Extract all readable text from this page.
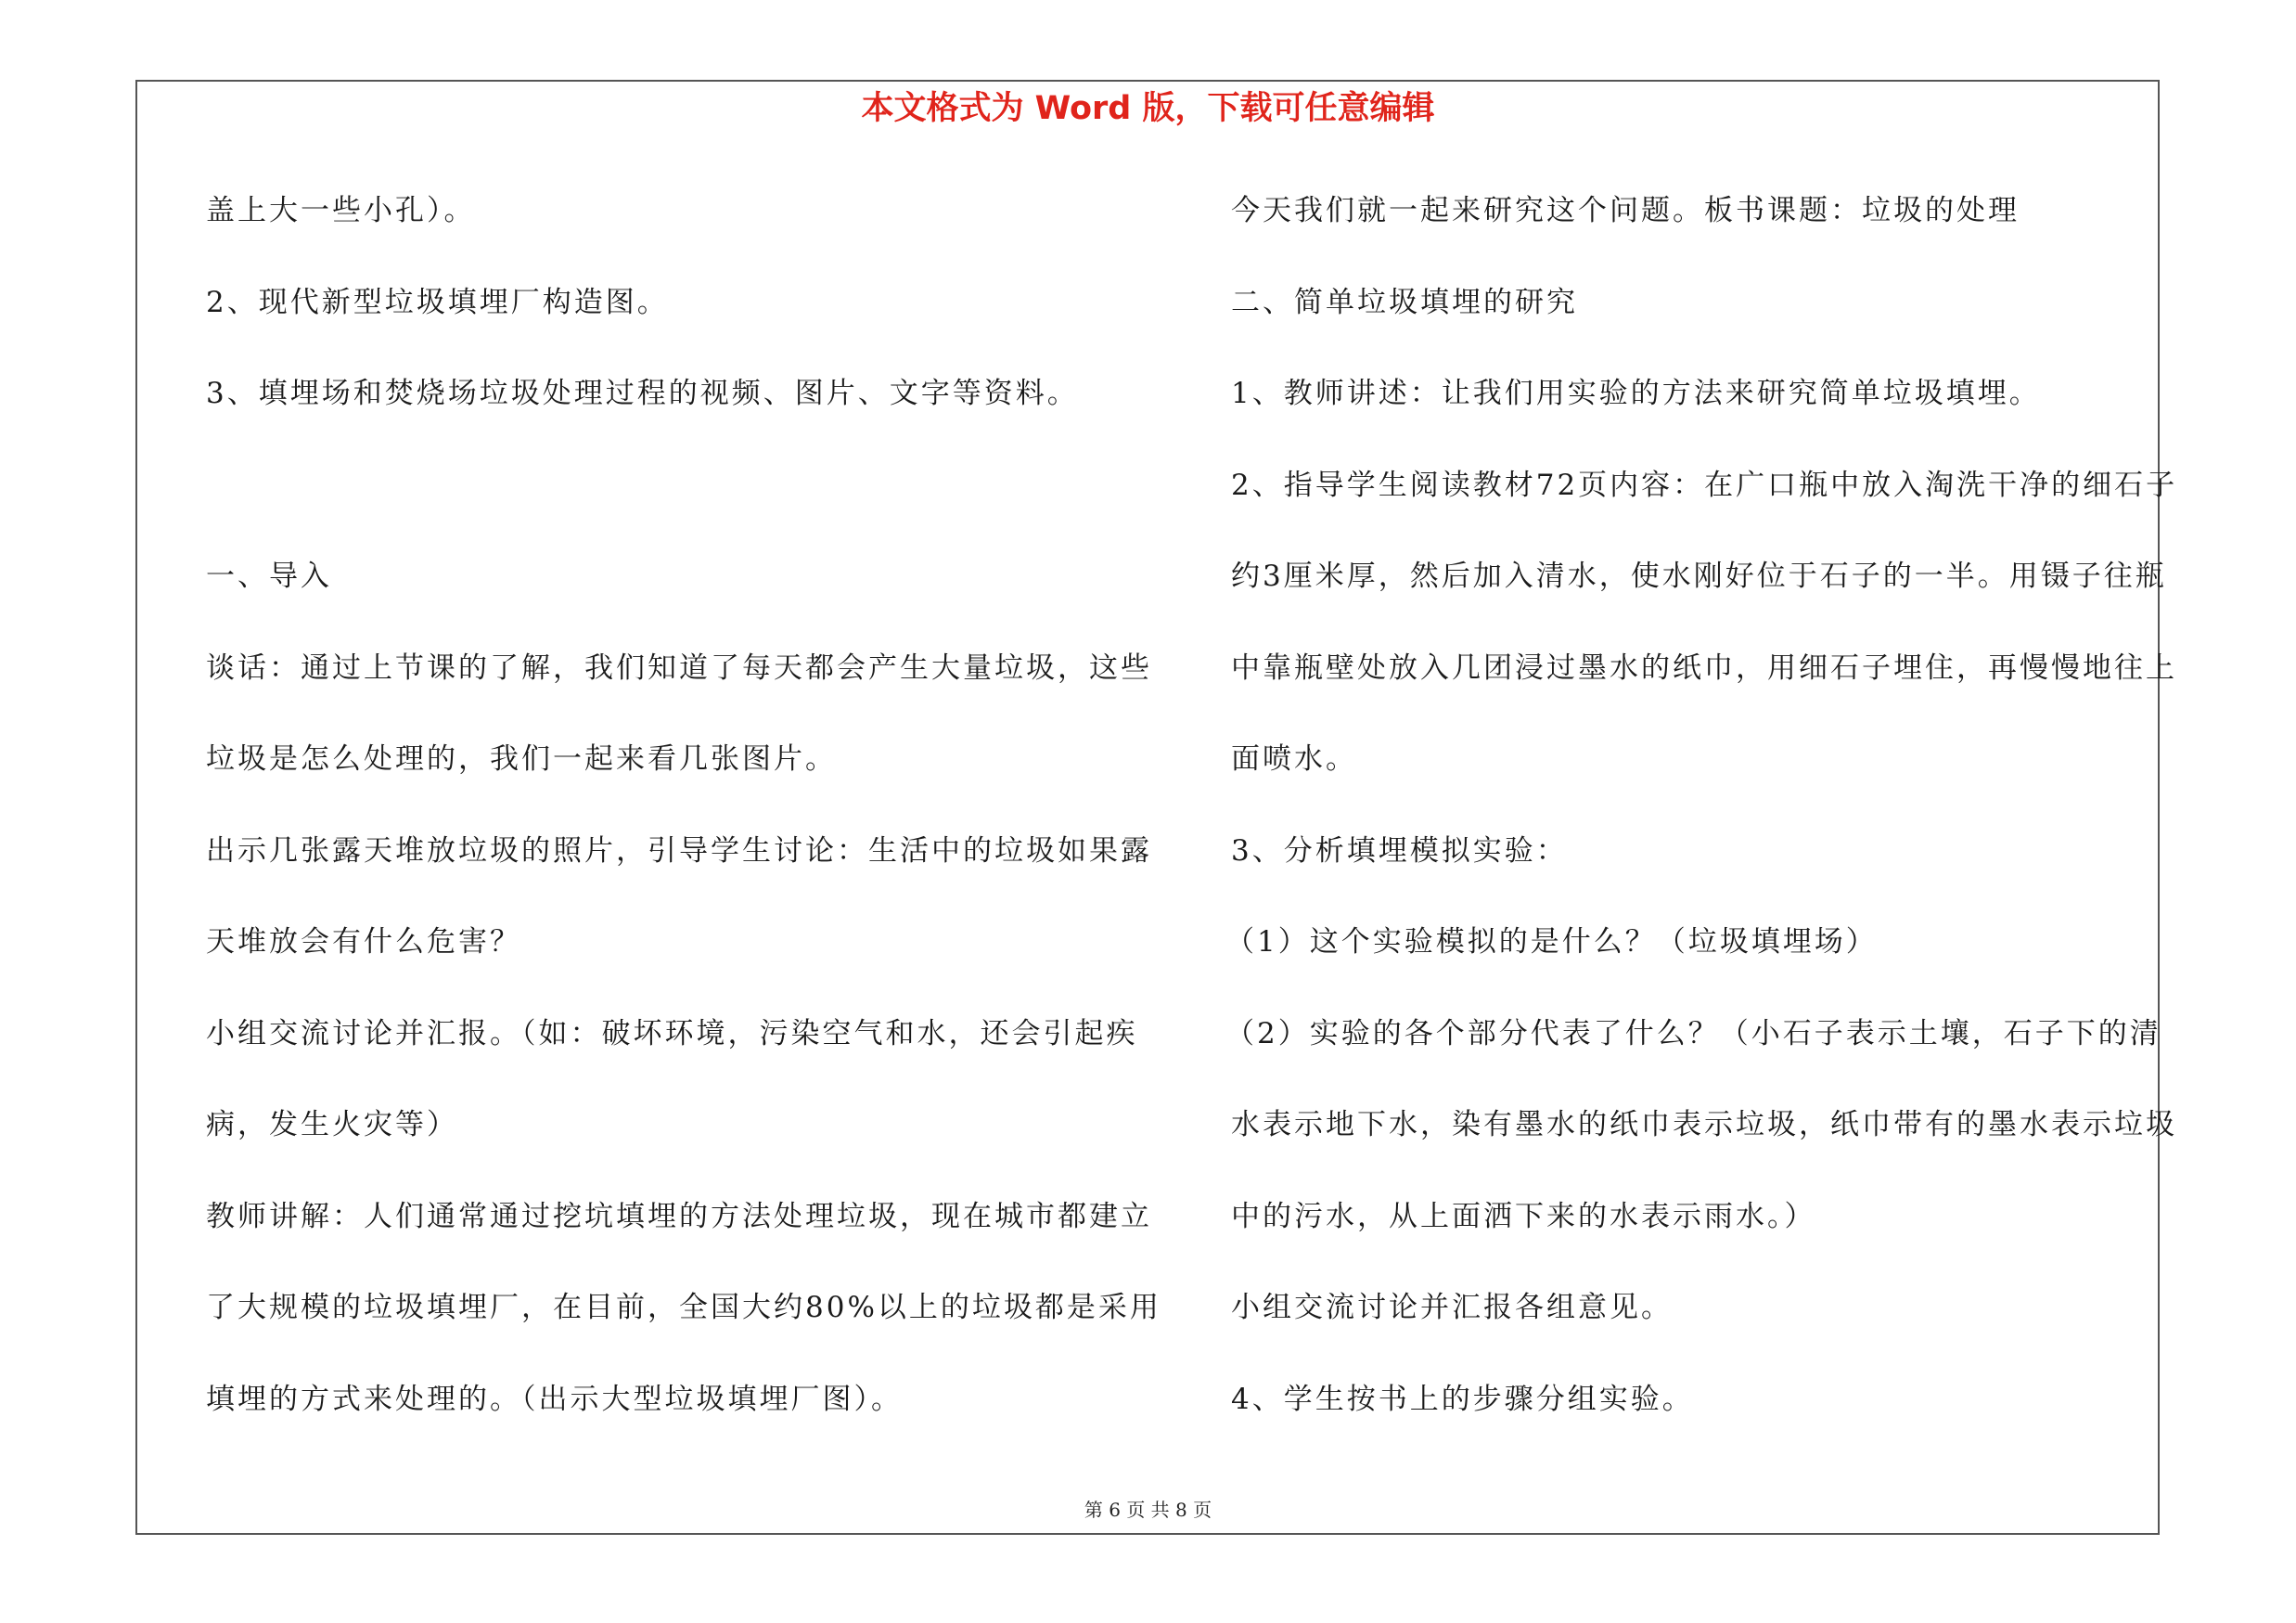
本文格式为 Word 版，下载可任意编辑
盖上大一些小孔）。
2、现代新型垃圾填埋厂构造图。
3、填埋场和焚烧场垃圾处理过程的视频、图片、文字等资料。
一、导入
谈话：通过上节课的了解，我们知道了每天都会产生大量垃圾，这些
垃圾是怎么处理的，我们一起来看几张图片。
出示几张露天堆放垃圾的照片，引导学生讨论：生活中的垃圾如果露
天堆放会有什么危害？
小组交流讨论并汇报。（如：破坏环境，污染空气和水，还会引起疾
病，发生火灾等）
教师讲解：人们通常通过挖坑填埋的方法处理垃圾，现在城市都建立
了大规模的垃圾填埋厂，在目前，全国大约80%以上的垃圾都是采用
填埋的方式来处理的。（出示大型垃圾填埋厂图）。
今天我们就一起来研究这个问题。板书课题：垃圾的处理
二、简单垃圾填埋的研究
1、教师讲述：让我们用实验的方法来研究简单垃圾填埋。
2、指导学生阅读教材72页内容：在广口瓶中放入淘洗干净的细石子
约3厘米厚，然后加入清水，使水刚好位于石子的一半。用镊子往瓶
中靠瓶壁处放入几团浸过墨水的纸巾，用细石子埋住，再慢慢地往上
面喷水。
3、分析填埋模拟实验：
（1）这个实验模拟的是什么？（垃圾填埋场）
（2）实验的各个部分代表了什么？（小石子表示土壤，石子下的清
水表示地下水，染有墨水的纸巾表示垃圾，纸巾带有的墨水表示垃圾
中的污水，从上面洒下来的水表示雨水。）
小组交流讨论并汇报各组意见。
4、学生按书上的步骤分组实验。
第 6 页 共 8 页
